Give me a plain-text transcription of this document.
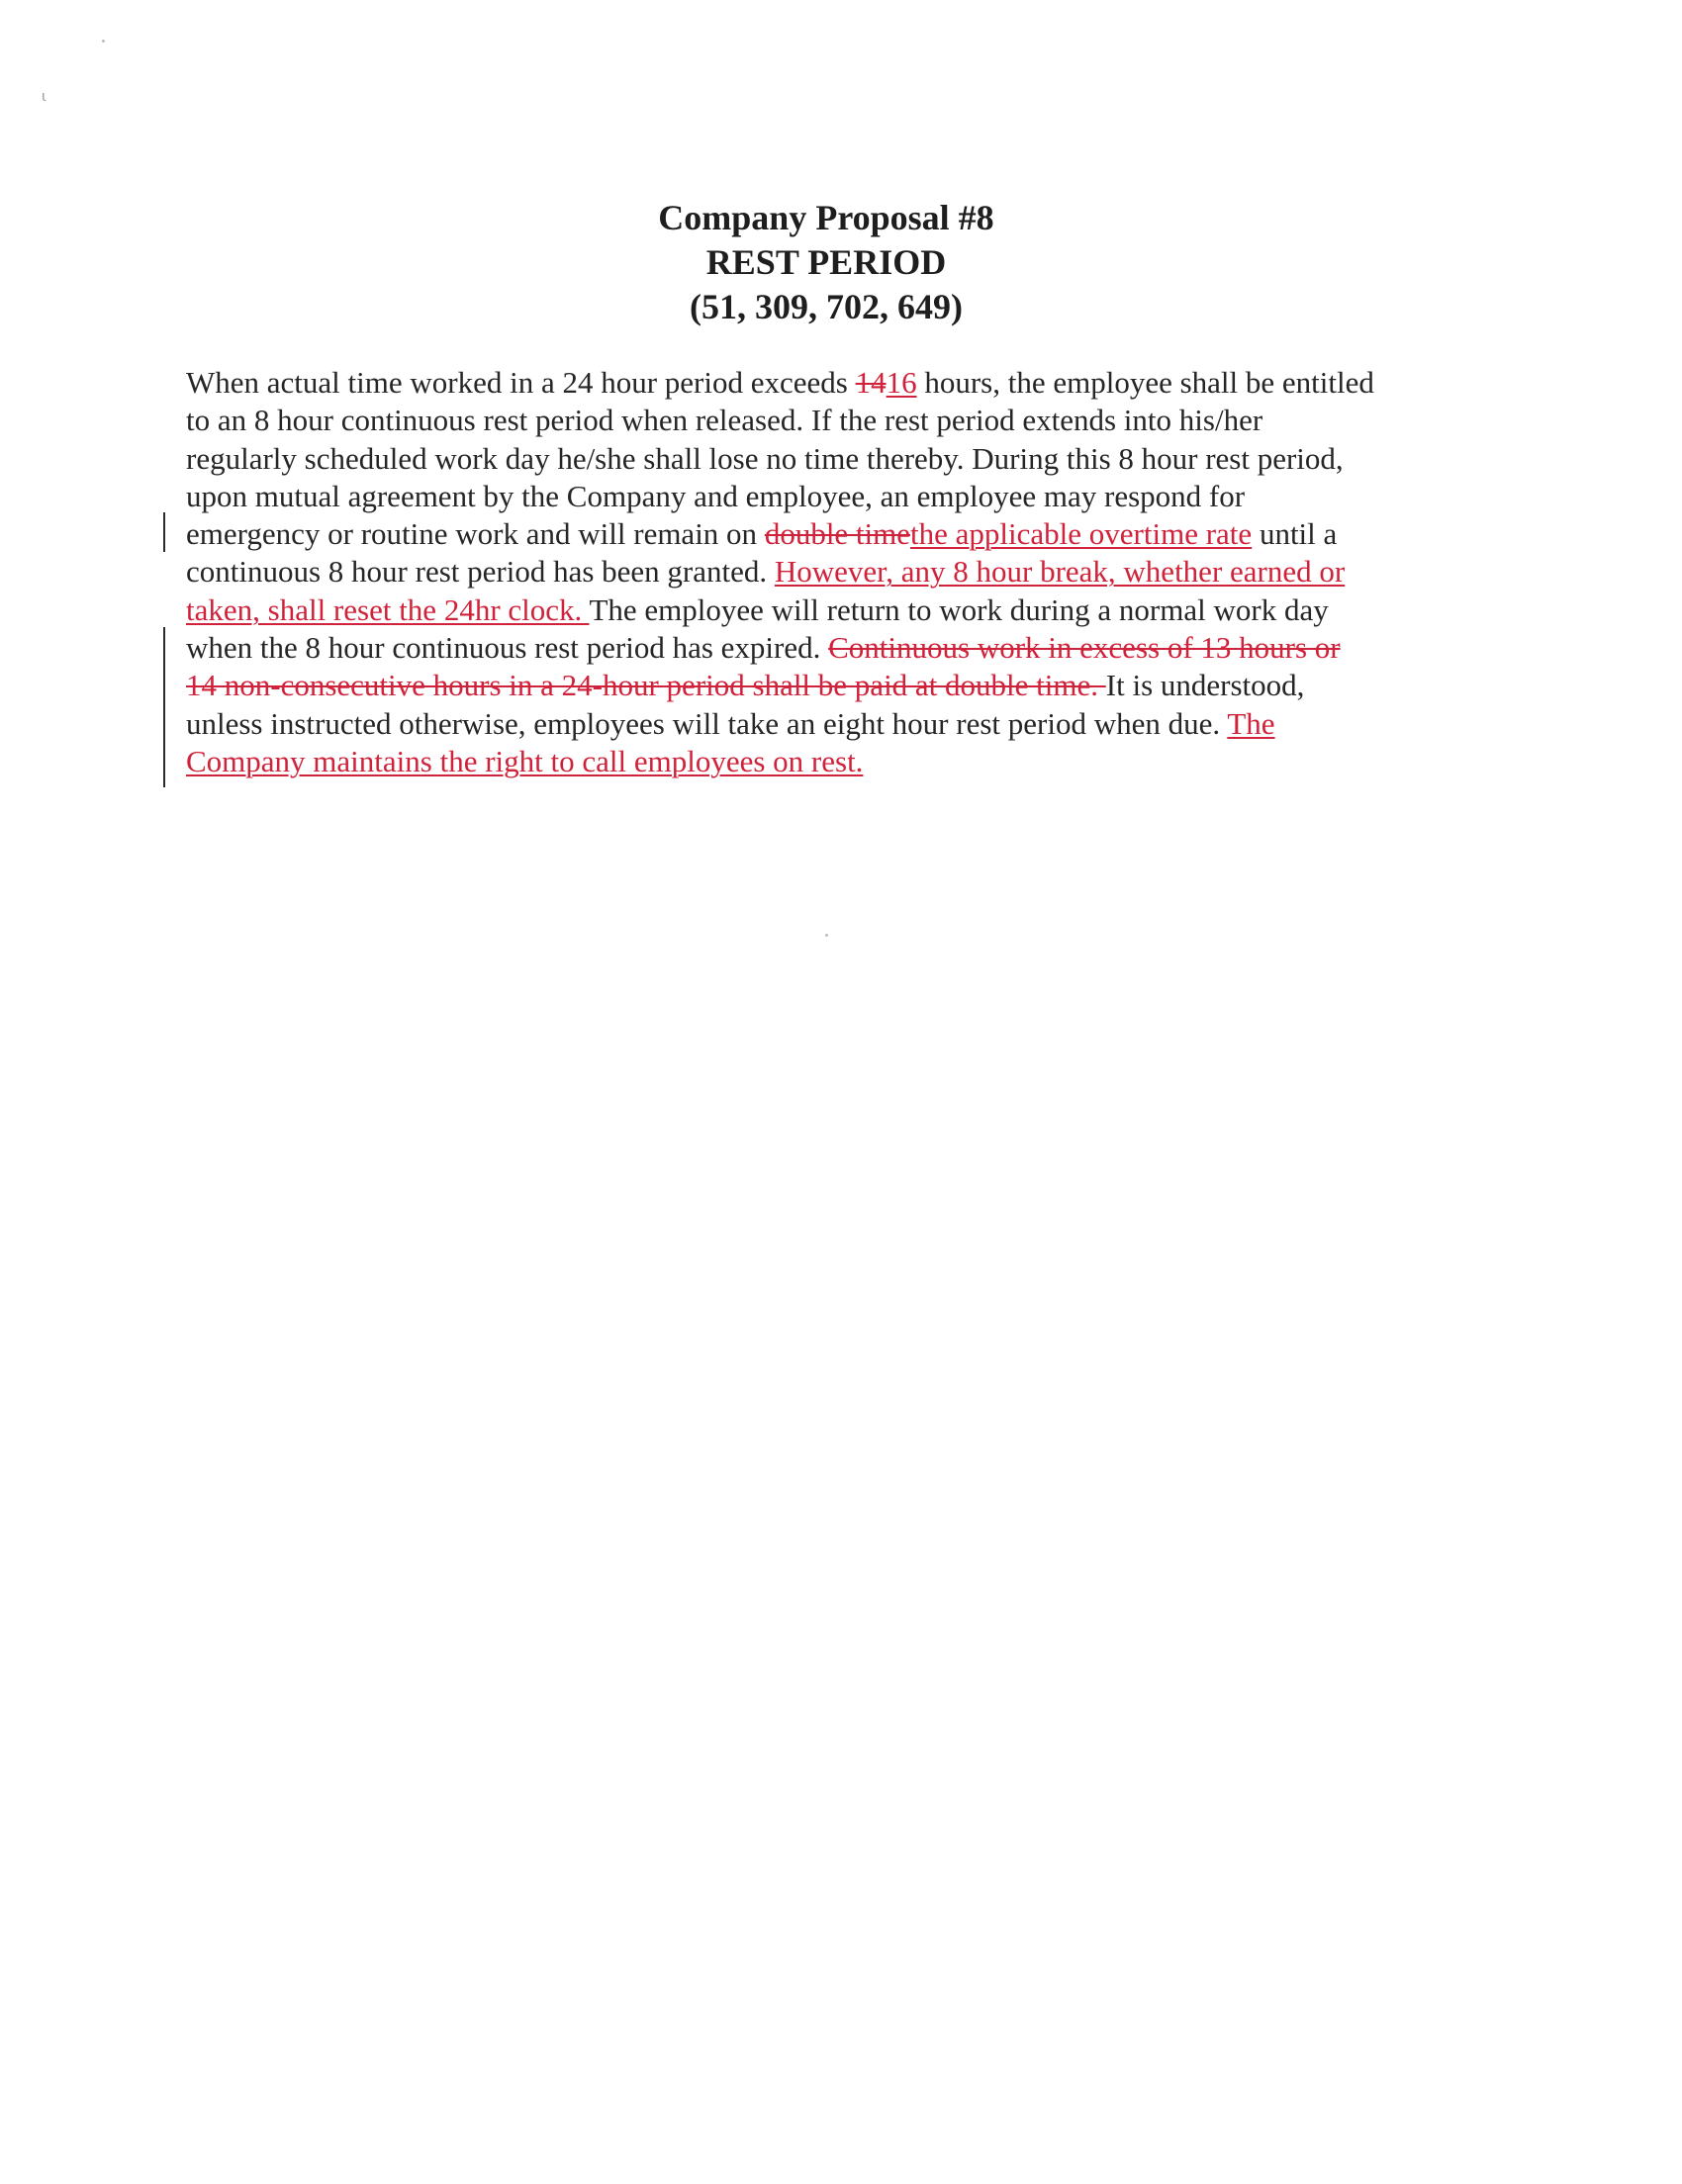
ι
Company Proposal #8
REST PERIOD
(51, 309, 702, 649)
When actual time worked in a 24 hour period exceeds 1416 hours, the employee shall be entitled
to an 8 hour continuous rest period when released. If the rest period extends into his/her
regularly scheduled work day he/she shall lose no time thereby. During this 8 hour rest period,
upon mutual agreement by the Company and employee, an employee may respond for
emergency or routine work and will remain on double timethe applicable overtime rate until a
continuous 8 hour rest period has been granted. However, any 8 hour break, whether earned or
taken, shall reset the 24hr clock. The employee will return to work during a normal work day
when the 8 hour continuous rest period has expired. Continuous work in excess of 13 hours or
14 non-consecutive hours in a 24-hour period shall be paid at double time. It is understood,
unless instructed otherwise, employees will take an eight hour rest period when due. The
Company maintains the right to call employees on rest.
